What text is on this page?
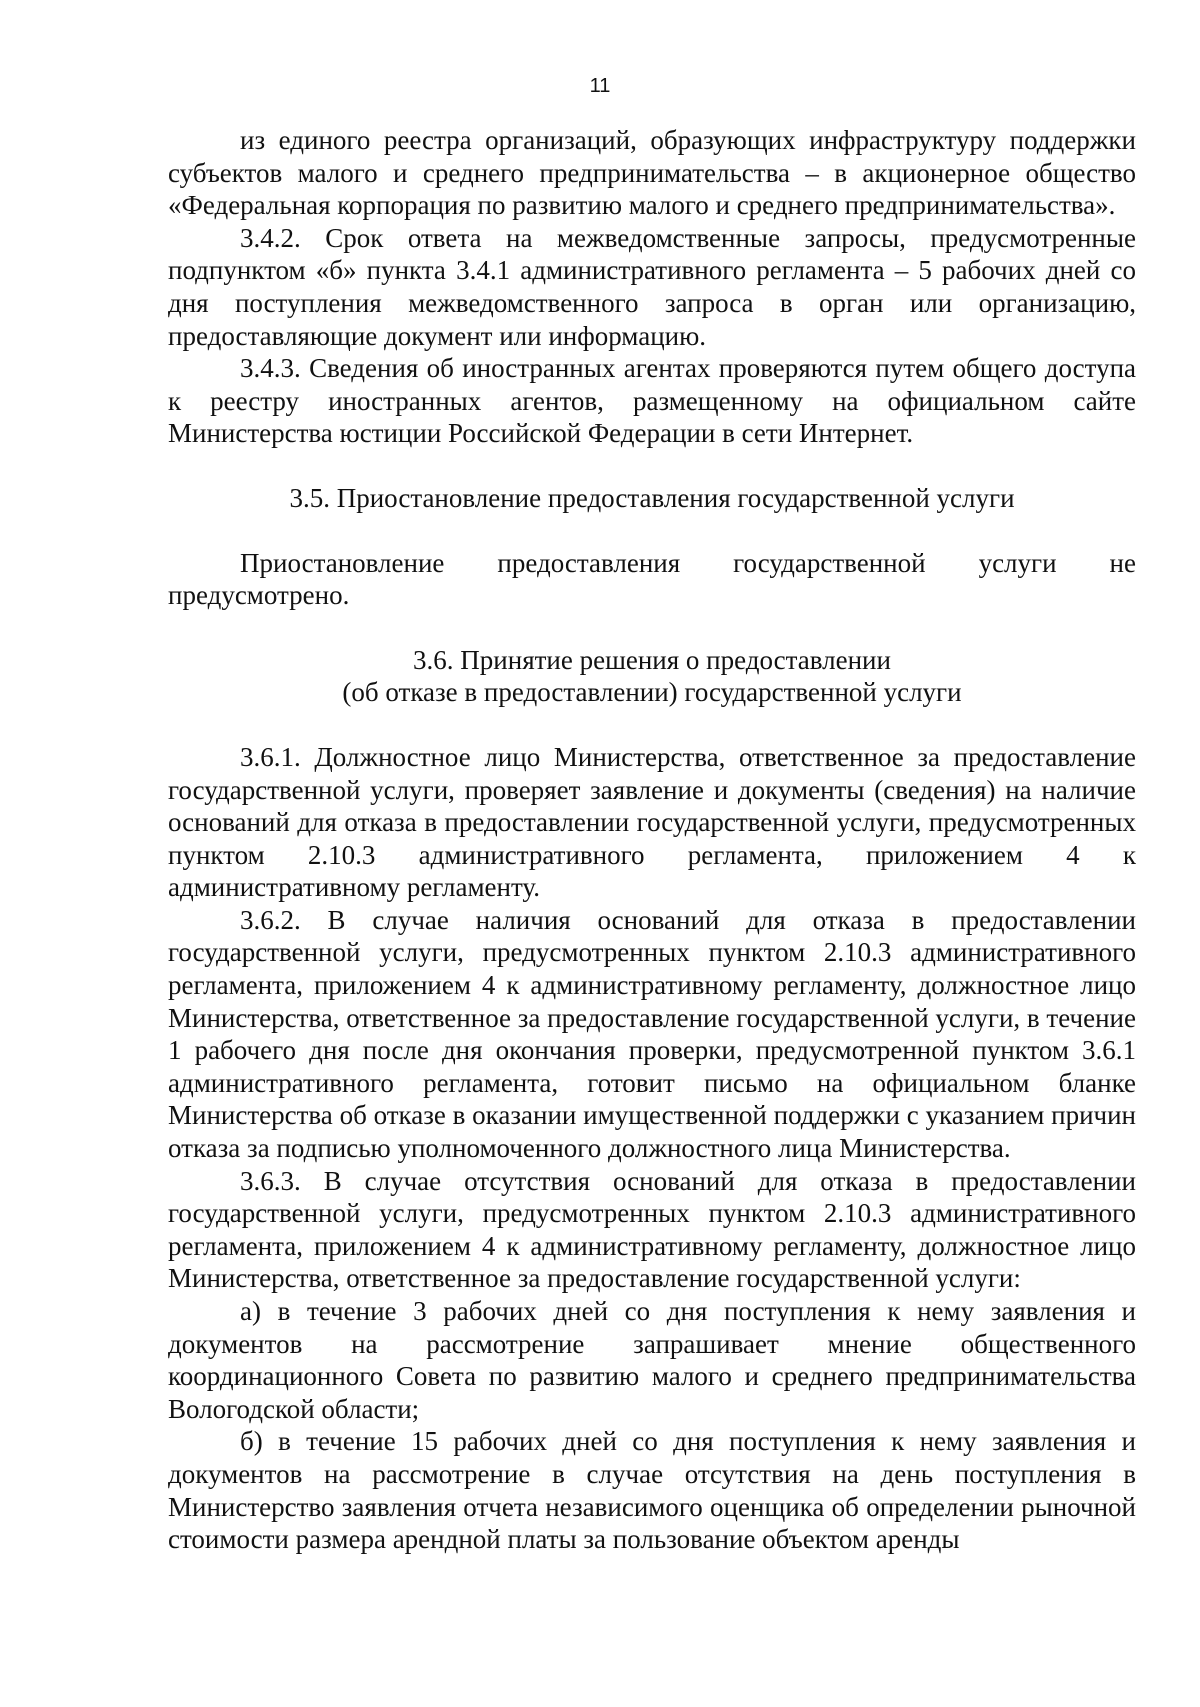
11

из единого реестра организаций, образующих инфраструктуру поддержки субъектов малого и среднего предпринимательства – в акционерное общество «Федеральная корпорация по развитию малого и среднего предпринимательства».

3.4.2. Срок ответа на межведомственные запросы, предусмотренные подпунктом «б» пункта 3.4.1 административного регламента – 5 рабочих дней со дня поступления межведомственного запроса в орган или организацию, предоставляющие документ или информацию.

3.4.3. Сведения об иностранных агентах проверяются путем общего доступа к реестру иностранных агентов, размещенному на официальном сайте Министерства юстиции Российской Федерации в сети Интернет.

3.5. Приостановление предоставления государственной услуги

Приостановление предоставления государственной услуги не предусмотрено.

3.6. Принятие решения о предоставлении

(об отказе в предоставлении) государственной услуги

3.6.1. Должностное лицо Министерства, ответственное за предоставление государственной услуги, проверяет заявление и документы (сведения) на наличие оснований для отказа в предоставлении государственной услуги, предусмотренных пунктом 2.10.3 административного регламента, приложением 4 к административному регламенту.

3.6.2. В случае наличия оснований для отказа в предоставлении государственной услуги, предусмотренных пунктом 2.10.3 административного регламента, приложением 4 к административному регламенту, должностное лицо Министерства, ответственное за предоставление государственной услуги, в течение 1 рабочего дня после дня окончания проверки, предусмотренной пунктом 3.6.1 административного регламента, готовит письмо на официальном бланке Министерства об отказе в оказании имущественной поддержки с указанием причин отказа за подписью уполномоченного должностного лица Министерства.

3.6.3. В случае отсутствия оснований для отказа в предоставлении государственной услуги, предусмотренных пунктом 2.10.3 административного регламента, приложением 4 к административному регламенту, должностное лицо Министерства, ответственное за предоставление государственной услуги:

а) в течение 3 рабочих дней со дня поступления к нему заявления и документов на рассмотрение запрашивает мнение общественного координационного Совета по развитию малого и среднего предпринимательства Вологодской области;

б) в течение 15 рабочих дней со дня поступления к нему заявления и документов на рассмотрение в случае отсутствия на день поступления в Министерство заявления отчета независимого оценщика об определении рыночной стоимости размера арендной платы за пользование объектом аренды
